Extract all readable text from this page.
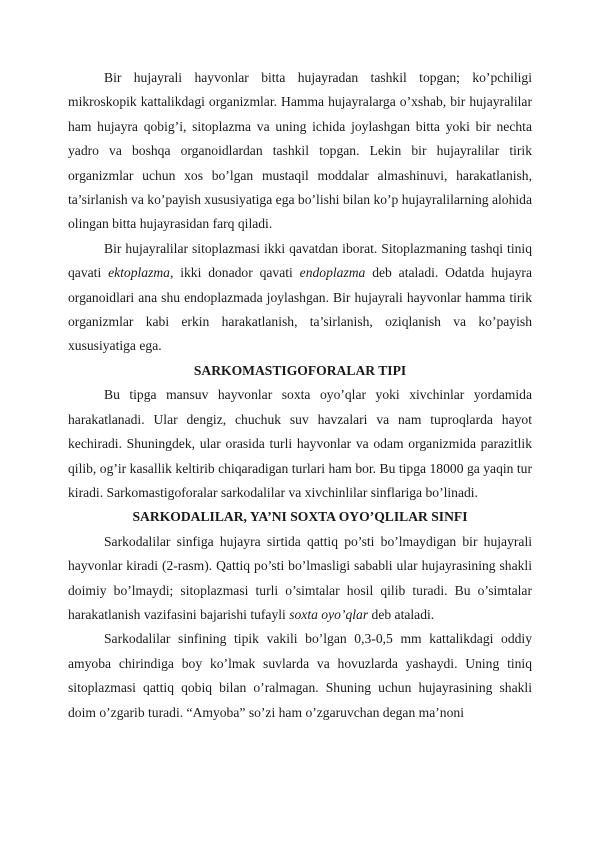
Bir hujayrali hayvonlar bitta hujayradan tashkil topgan; ko’pchiligi mikroskopik kattalikdagi organizmlar. Hamma hujayralarga o’xshab, bir hujayralilar ham hujayra qobig’i, sitoplazma va uning ichida joylashgan bitta yoki bir nechta yadro va boshqa organoidlardan tashkil topgan. Lekin bir hujayralilar tirik organizmlar uchun xos bo’lgan mustaqil moddalar almashinuvi, harakatlanish, ta’sirlanish va ko’payish xususiyatiga ega bo’lishi bilan ko’p hujayralilarning alohida olingan bitta hujayrasidan farq qiladi.

Bir hujayralilar sitoplazmasi ikki qavatdan iborat. Sitoplazmaning tashqi tiniq qavati ektoplazma, ikki donador qavati endoplazma deb ataladi. Odatda hujayra organoidlari ana shu endoplazmada joylashgan. Bir hujayrali hayvonlar hamma tirik organizmlar kabi erkin harakatlanish, ta’sirlanish, oziqlanish va ko’payish xususiyatiga ega.

SARKOMASTIGOFORALAR TIPI

Bu tipga mansuv hayvonlar soxta oyo’qlar yoki xivchinlar yordamida harakatlanadi. Ular dengiz, chuchuk suv havzalari va nam tuproqlarda hayot kechiradi. Shuningdek, ular orasida turli hayvonlar va odam organizmida parazitlik qilib, og’ir kasallik keltirib chiqaradigan turlari ham bor. Bu tipga 18000 ga yaqin tur kiradi. Sarkomastigoforalar sarkodalilar va xivchinlilar sinflariga bo’linadi.

SARKODALILAR, YA’NI SOXTA OYO’QLILAR SINFI

Sarkodalilar sinfiga hujayra sirtida qattiq po’sti bo’lmaydigan bir hujayrali hayvonlar kiradi (2-rasm). Qattiq po’sti bo’lmasligi sababli ular hujayrasining shakli doimiy bo’lmaydi; sitoplazmasi turli o’simtalar hosil qilib turadi. Bu o’simtalar harakatlanish vazifasini bajarishi tufayli soxta oyo’qlar deb ataladi.

Sarkodalilar sinfining tipik vakili bo’lgan 0,3-0,5 mm kattalikdagi oddiy amyoba chirindiga boy ko’lmak suvlarda va hovuzlarda yashaydi. Uning tiniq sitoplazmasi qattiq qobiq bilan o’ralmagan. Shuning uchun hujayrasining shakli doim o’zgarib turadi. “Amyoba” so’zi ham o’zgaruvchan degan ma’noni
